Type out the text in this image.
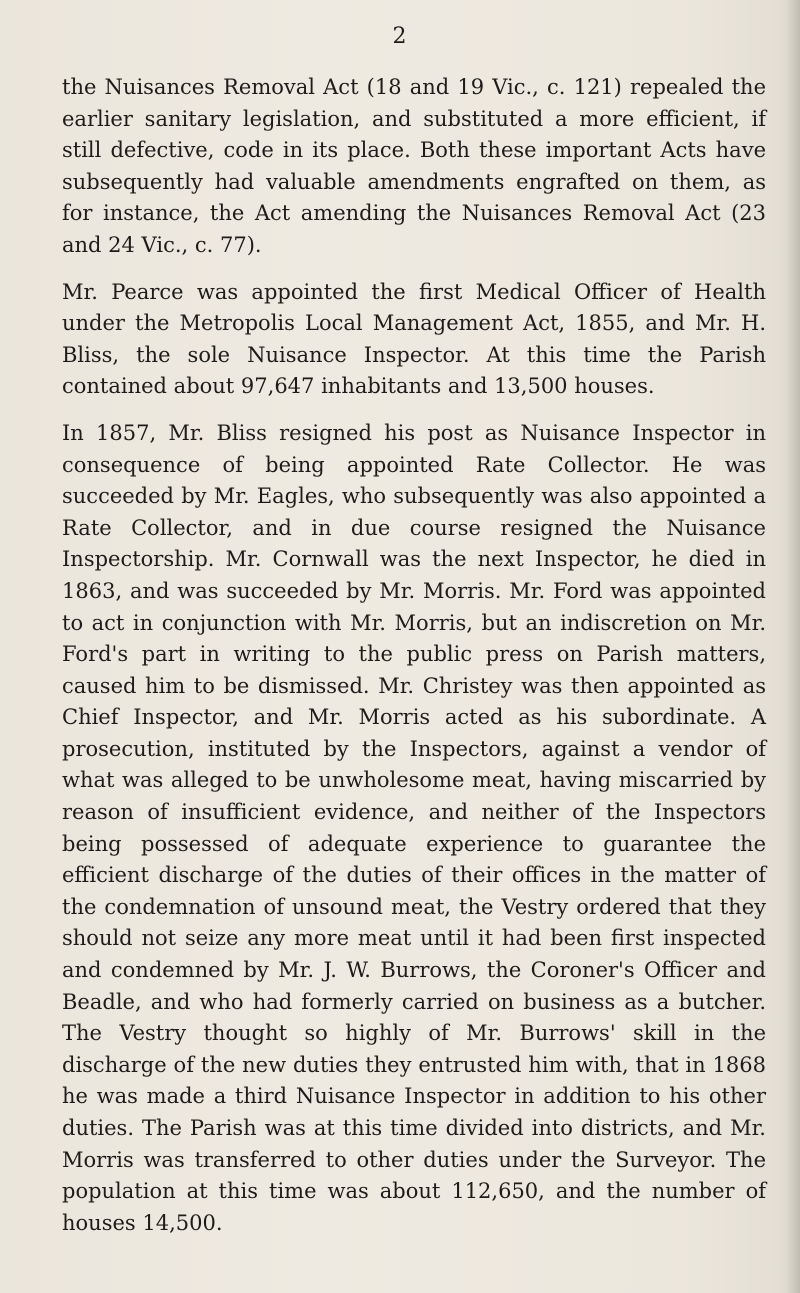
2

the Nuisances Removal Act (18 and 19 Vic., c. 121) repealed the earlier sanitary legislation, and substituted a more efficient, if still defective, code in its place. Both these important Acts have subsequently had valuable amendments engrafted on them, as for instance, the Act amending the Nuisances Removal Act (23 and 24 Vic., c. 77).

Mr. Pearce was appointed the first Medical Officer of Health under the Metropolis Local Management Act, 1855, and Mr. H. Bliss, the sole Nuisance Inspector. At this time the Parish contained about 97,647 inhabitants and 13,500 houses.

In 1857, Mr. Bliss resigned his post as Nuisance Inspector in consequence of being appointed Rate Collector. He was succeeded by Mr. Eagles, who subsequently was also appointed a Rate Collector, and in due course resigned the Nuisance Inspectorship. Mr. Cornwall was the next Inspector, he died in 1863, and was succeeded by Mr. Morris. Mr. Ford was appointed to act in conjunction with Mr. Morris, but an indiscretion on Mr. Ford's part in writing to the public press on Parish matters, caused him to be dismissed. Mr. Christey was then appointed as Chief Inspector, and Mr. Morris acted as his subordinate. A prosecution, instituted by the Inspectors, against a vendor of what was alleged to be unwholesome meat, having miscarried by reason of insufficient evidence, and neither of the Inspectors being possessed of adequate experience to guarantee the efficient discharge of the duties of their offices in the matter of the condemnation of unsound meat, the Vestry ordered that they should not seize any more meat until it had been first inspected and condemned by Mr. J. W. Burrows, the Coroner's Officer and Beadle, and who had formerly carried on business as a butcher. The Vestry thought so highly of Mr. Burrows' skill in the discharge of the new duties they entrusted him with, that in 1868 he was made a third Nuisance Inspector in addition to his other duties. The Parish was at this time divided into districts, and Mr. Morris was transferred to other duties under the Surveyor. The population at this time was about 112,650, and the number of houses 14,500.
